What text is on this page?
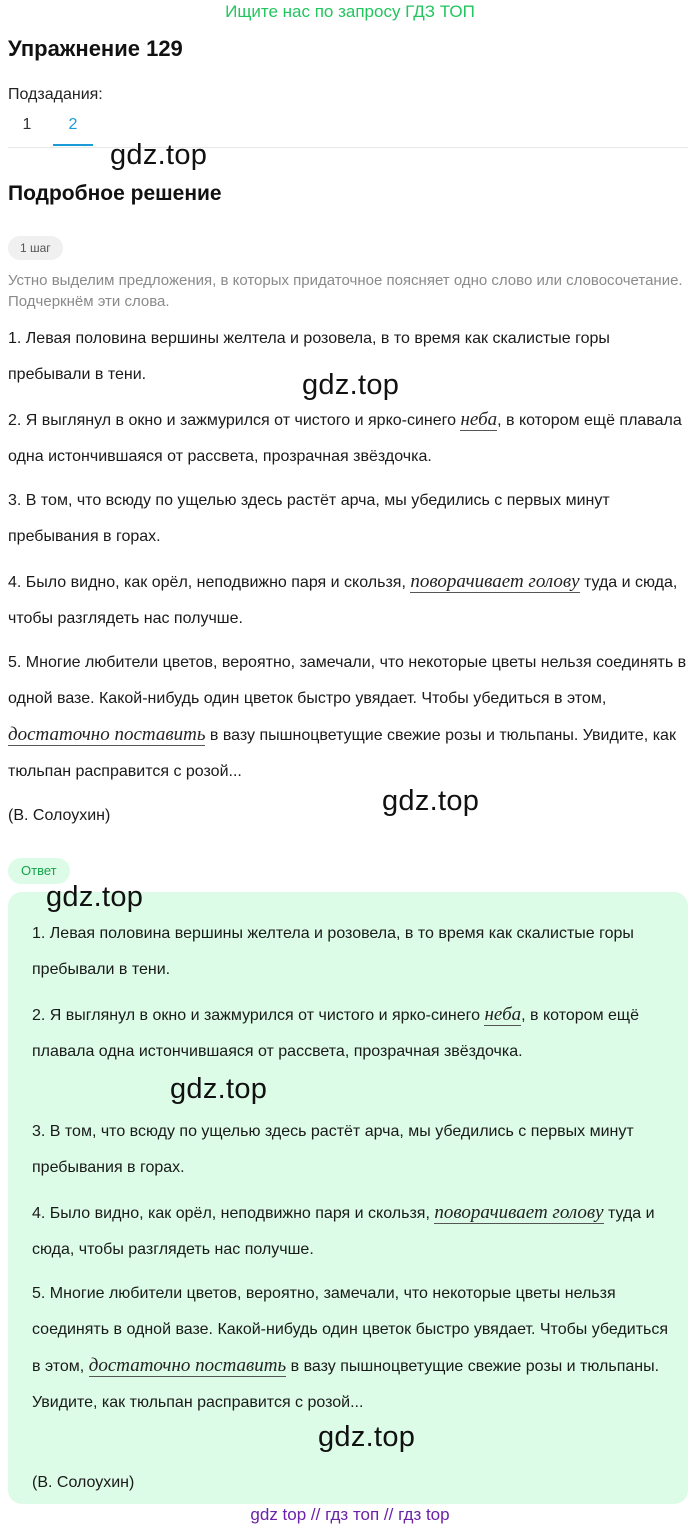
Ищите нас по запросу ГДЗ ТОП
Упражнение 129
Подзадания:
1	2
gdz.top
Подробное решение
1 шаг
Устно выделим предложения, в которых придаточное поясняет одно слово или словосочетание. Подчеркнём эти слова.
1. Левая половина вершины желтела и розовела, в то время как скалистые горы пребывали в тени.	gdz.top
2. Я выглянул в окно и зажмурился от чистого и ярко-синего неба, в котором ещё плавала одна истончившаяся от рассвета, прозрачная звёздочка.
3. В том, что всюду по ущелью здесь растёт арча, мы убедились с первых минут пребывания в горах.
4. Было видно, как орёл, неподвижно паря и скользя, поворачивает голову туда и сюда, чтобы разглядеть нас получше.
5. Многие любители цветов, вероятно, замечали, что некоторые цветы нельзя соединять в одной вазе. Какой-нибудь один цветок быстро увядает. Чтобы убедиться в этом, достаточно поставить в вазу пышноцветущие свежие розы и тюльпаны. Увидите, как тюльпан расправится с розой...
gdz.top
(В. Солоухин)
Ответ
gdz.top
1. Левая половина вершины желтела и розовела, в то время как скалистые горы пребывали в тени.
2. Я выглянул в окно и зажмурился от чистого и ярко-синего неба, в котором ещё плавала одна истончившаяся от рассвета, прозрачная звёздочка.
gdz.top
3. В том, что всюду по ущелью здесь растёт арча, мы убедились с первых минут пребывания в горах.
4. Было видно, как орёл, неподвижно паря и скользя, поворачивает голову туда и сюда, чтобы разглядеть нас получше.
5. Многие любители цветов, вероятно, замечали, что некоторые цветы нельзя соединять в одной вазе. Какой-нибудь один цветок быстро увядает. Чтобы убедиться в этом, достаточно поставить в вазу пышноцветущие свежие розы и тюльпаны. Увидите, как тюльпан расправится с розой...
gdz.top
(В. Солоухин)
gdz top // гдз топ // гдз top
